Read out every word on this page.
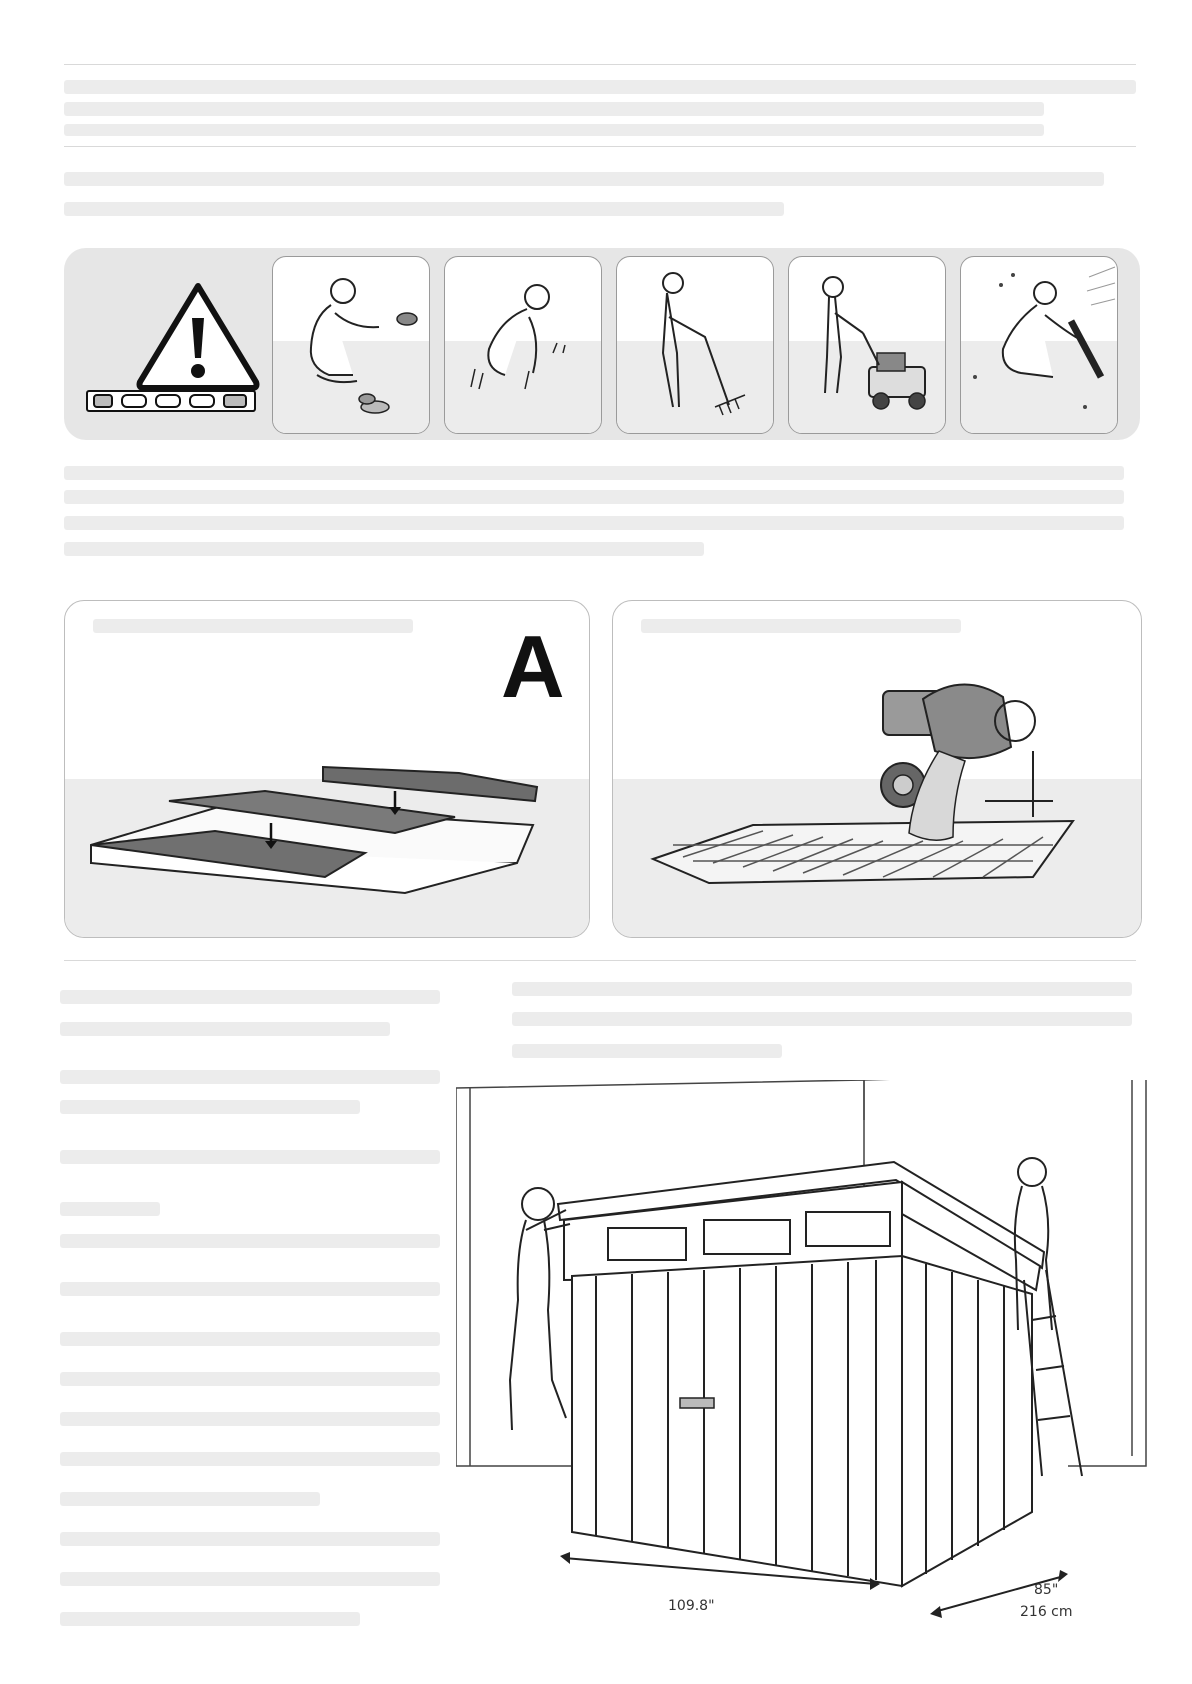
A
109.8"
85"
216 cm
